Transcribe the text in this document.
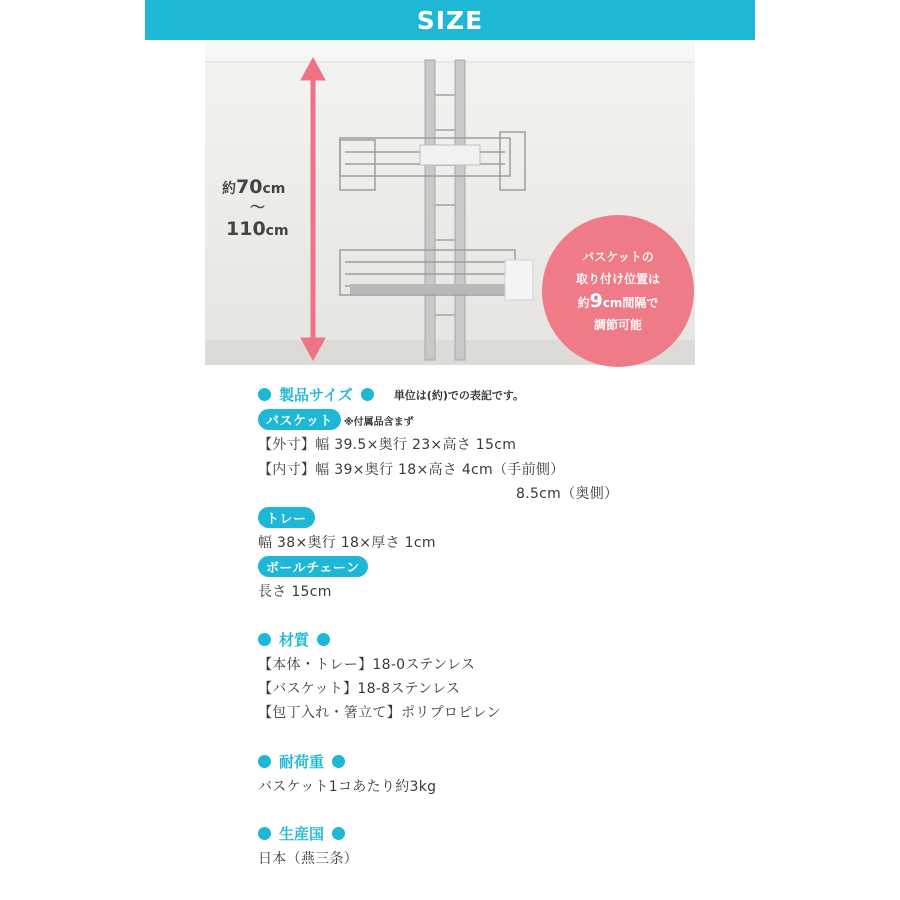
SIZE
約70cm
〜
110cm
バスケットの
取り付け位置は
約9cm間隔で
調節可能
製品サイズ	単位は(約)での表記です。
バスケット ※付属品含まず
【外寸】幅 39.5×奥行 23×高さ 15cm
【内寸】幅 39×奥行 18×高さ 4cm（手前側）
8.5cm（奥側）
トレー
幅 38×奥行 18×厚さ 1cm
ボールチェーン
長さ 15cm
材質
【本体・トレー】18-0ステンレス
【バスケット】18-8ステンレス
【包丁入れ・箸立て】ポリプロピレン
耐荷重
バスケット1コあたり約3kg
生産国
日本（燕三条）
